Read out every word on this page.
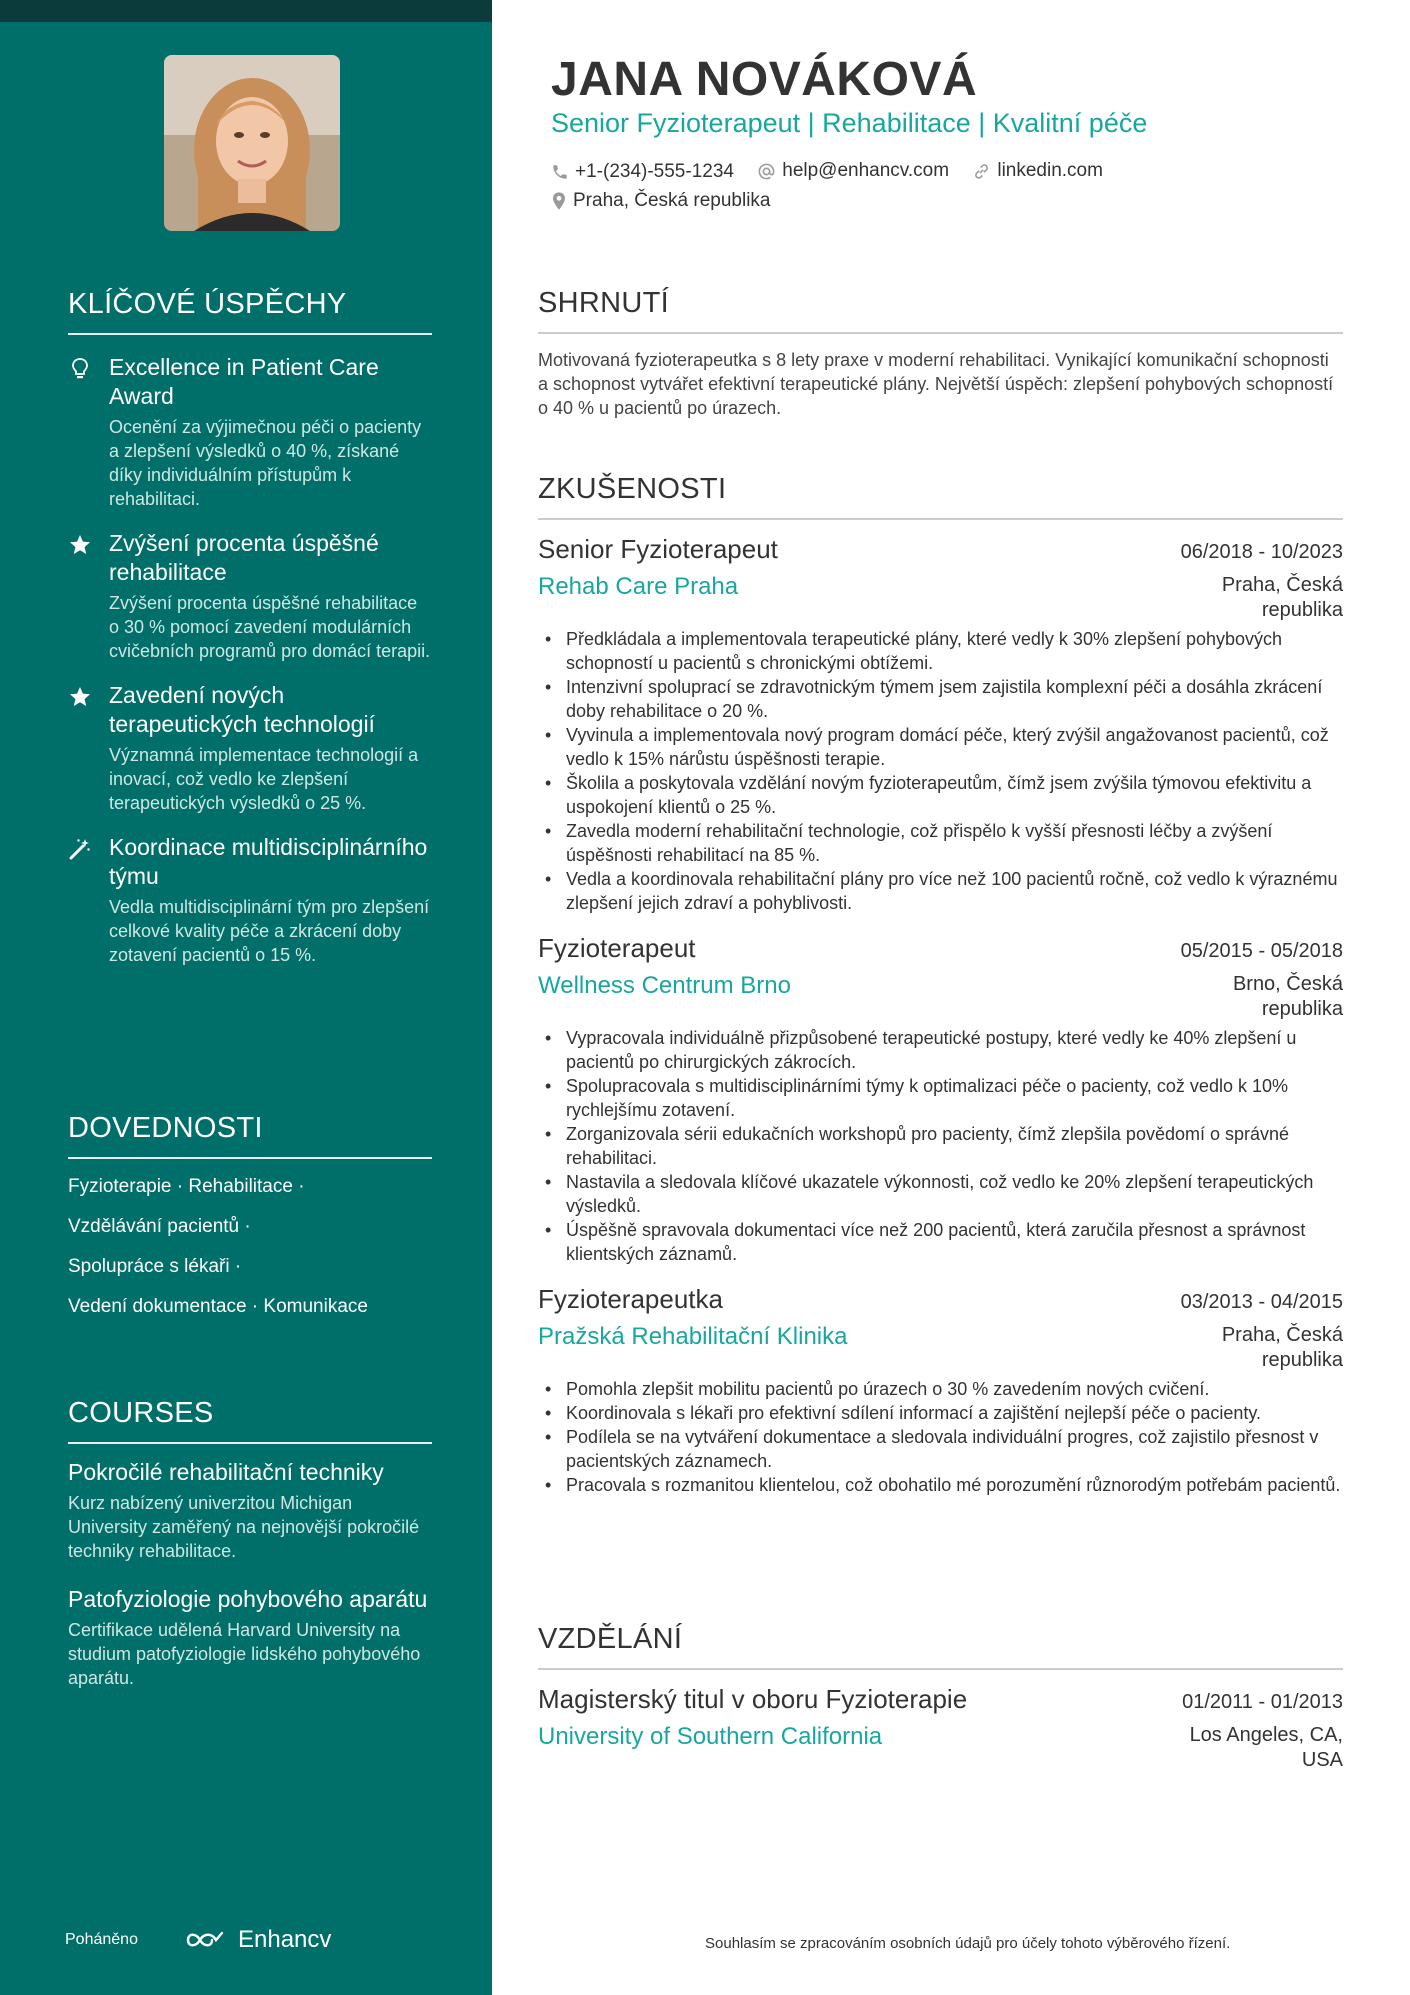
KLÍČOVÉ ÚSPĚCHY
Excellence in Patient Care Award
Ocenění za výjimečnou péči o pacienty a zlepšení výsledků o 40 %, získané díky individuálním přístupům k rehabilitaci.
Zvýšení procenta úspěšné rehabilitace
Zvýšení procenta úspěšné rehabilitace o 30 % pomocí zavedení modulárních cvičebních programů pro domácí terapii.
Zavedení nových terapeutických technologií
Významná implementace technologií a inovací, což vedlo ke zlepšení terapeutických výsledků o 25 %.
Koordinace multidisciplinárního týmu
Vedla multidisciplinární tým pro zlepšení celkové kvality péče a zkrácení doby zotavení pacientů o 15 %.
DOVEDNOSTI
Fyzioterapie · Rehabilitace ·
Vzdělávání pacientů ·
Spolupráce s lékaři ·
Vedení dokumentace · Komunikace
COURSES
Pokročilé rehabilitační techniky
Kurz nabízený univerzitou Michigan University zaměřený na nejnovější pokročilé techniky rehabilitace.
Patofyziologie pohybového aparátu
Certifikace udělená Harvard University na studium patofyziologie lidského pohybového aparátu.
Poháněno	Enhancv
JANA NOVÁKOVÁ
Senior Fyzioterapeut | Rehabilitace | Kvalitní péče
+1-(234)-555-1234
	help@enhancv.com
	linkedin.com
Praha, Česká republika
SHRNUTÍ
Motivovaná fyzioterapeutka s 8 lety praxe v moderní rehabilitaci. Vynikající komunikační schopnosti a schopnost vytvářet efektivní terapeutické plány. Největší úspěch: zlepšení pohybových schopností o 40 % u pacientů po úrazech.
ZKUŠENOSTI
Senior Fyzioterapeut	06/2018 - 10/2023
Rehab Care Praha	Praha, Česká republika
• Předkládala a implementovala terapeutické plány, které vedly k 30% zlepšení pohybových schopností u pacientů s chronickými obtížemi.
• Intenzivní spoluprací se zdravotnickým týmem jsem zajistila komplexní péči a dosáhla zkrácení doby rehabilitace o 20 %.
• Vyvinula a implementovala nový program domácí péče, který zvýšil angažovanost pacientů, což vedlo k 15% nárůstu úspěšnosti terapie.
• Školila a poskytovala vzdělání novým fyzioterapeutům, čímž jsem zvýšila týmovou efektivitu a uspokojení klientů o 25 %.
• Zavedla moderní rehabilitační technologie, což přispělo k vyšší přesnosti léčby a zvýšení úspěšnosti rehabilitací na 85 %.
• Vedla a koordinovala rehabilitační plány pro více než 100 pacientů ročně, což vedlo k výraznému zlepšení jejich zdraví a pohyblivosti.
Fyzioterapeut	05/2015 - 05/2018
Wellness Centrum Brno	Brno, Česká republika
• Vypracovala individuálně přizpůsobené terapeutické postupy, které vedly ke 40% zlepšení u pacientů po chirurgických zákrocích.
• Spolupracovala s multidisciplinárními týmy k optimalizaci péče o pacienty, což vedlo k 10% rychlejšímu zotavení.
• Zorganizovala sérii edukačních workshopů pro pacienty, čímž zlepšila povědomí o správné rehabilitaci.
• Nastavila a sledovala klíčové ukazatele výkonnosti, což vedlo ke 20% zlepšení terapeutických výsledků.
• Úspěšně spravovala dokumentaci více než 200 pacientů, která zaručila přesnost a správnost klientských záznamů.
Fyzioterapeutka	03/2013 - 04/2015
Pražská Rehabilitační Klinika	Praha, Česká republika
• Pomohla zlepšit mobilitu pacientů po úrazech o 30 % zavedením nových cvičení.
• Koordinovala s lékaři pro efektivní sdílení informací a zajištění nejlepší péče o pacienty.
• Podílela se na vytváření dokumentace a sledovala individuální progres, což zajistilo přesnost v pacientských záznamech.
• Pracovala s rozmanitou klientelou, což obohatilo mé porozumění různorodým potřebám pacientů.
VZDĚLÁNÍ
Magisterský titul v oboru Fyzioterapie	01/2011 - 01/2013
University of Southern California	Los Angeles, CA, USA
Souhlasím se zpracováním osobních údajů pro účely tohoto výběrového řízení.
